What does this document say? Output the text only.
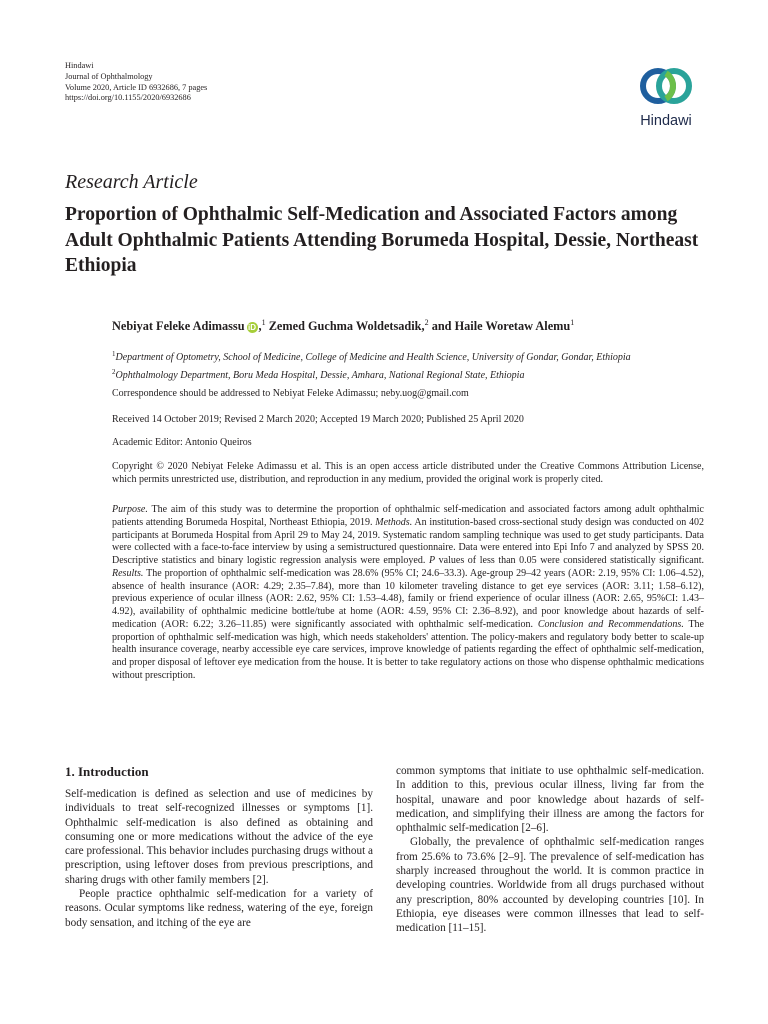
Hindawi
Journal of Ophthalmology
Volume 2020, Article ID 6932686, 7 pages
https://doi.org/10.1155/2020/6932686
Hindawi
Research Article
Proportion of Ophthalmic Self-Medication and Associated Factors among Adult Ophthalmic Patients Attending Borumeda Hospital, Dessie, Northeast Ethiopia
Nebiyat Feleke Adimassu iD ,$^1$ Zemed Guchma Woldetsadik,$^2$ and Haile Woretaw Alemu$^1$
$^1$Department of Optometry, School of Medicine, College of Medicine and Health Science, University of Gondar, Gondar, Ethiopia
$^2$Ophthalmology Department, Boru Meda Hospital, Dessie, Amhara, National Regional State, Ethiopia
Correspondence should be addressed to Nebiyat Feleke Adimassu; neby.uog@gmail.com
Received 14 October 2019; Revised 2 March 2020; Accepted 19 March 2020; Published 25 April 2020
Academic Editor: Antonio Queiros
Copyright © 2020 Nebiyat Feleke Adimassu et al. This is an open access article distributed under the Creative Commons Attribution License, which permits unrestricted use, distribution, and reproduction in any medium, provided the original work is properly cited.
Purpose. The aim of this study was to determine the proportion of ophthalmic self-medication and associated factors among adult ophthalmic patients attending Borumeda Hospital, Northeast Ethiopia, 2019. Methods. An institution-based cross-sectional study design was conducted on 402 participants at Borumeda Hospital from April 29 to May 24, 2019. Systematic random sampling technique was used to get study participants. Data were collected with a face-to-face interview by using a semistructured questionnaire. Data were entered into Epi Info 7 and analyzed by SPSS 20. Descriptive statistics and binary logistic regression analysis were employed. P values of less than 0.05 were considered statistically significant. Results. The proportion of ophthalmic self-medication was 28.6% (95% CI; 24.6–33.3). Age-group 29–42 years (AOR: 2.19, 95% CI: 1.06–4.52), absence of health insurance (AOR: 4.29; 2.35–7.84), more than 10 kilometer traveling distance to get eye services (AOR: 3.11; 1.58–6.12), previous experience of ocular illness (AOR: 2.62, 95% CI: 1.53–4.48), family or friend experience of ocular illness (AOR: 2.65, 95%CI: 1.43–4.92), availability of ophthalmic medicine bottle/tube at home (AOR: 4.59, 95% CI: 2.36–8.92), and poor knowledge about hazards of self-medication (AOR: 6.22; 3.26–11.85) were significantly associated with ophthalmic self-medication. Conclusion and Recommendations. The proportion of ophthalmic self-medication was high, which needs stakeholders' attention. The policy-makers and regulatory body better to scale-up health insurance coverage, nearby accessible eye care services, improve knowledge of patients regarding the effect of ophthalmic self-medication, and proper disposal of leftover eye medication from the house. It is better to take regulatory actions on those who dispense ophthalmic medications without prescription.
1. Introduction

Self-medication is defined as selection and use of medicines by individuals to treat self-recognized illnesses or symptoms [1]. Ophthalmic self-medication is also defined as obtaining and consuming one or more medications without the advice of the eye care professional. This behavior includes purchasing drugs without a prescription, using leftover doses from previous prescriptions, and sharing drugs with other family members [2].

People practice ophthalmic self-medication for a variety of reasons. Ocular symptoms like redness, watering of the eye, foreign body sensation, and itching of the eye are

common symptoms that initiate to use ophthalmic self-medication. In addition to this, previous ocular illness, living far from the hospital, unaware and poor knowledge about hazards of self-medication, and simplifying their illness are among the factors for ophthalmic self-medication [2–6].

Globally, the prevalence of ophthalmic self-medication ranges from 25.6% to 73.6% [2–9]. The prevalence of self-medication has sharply increased throughout the world. It is common practice in developing countries. Worldwide from all drugs purchased without any prescription, 80% accounted by developing countries [10]. In Ethiopia, eye diseases were common illnesses that lead to self-medication [11–15].
